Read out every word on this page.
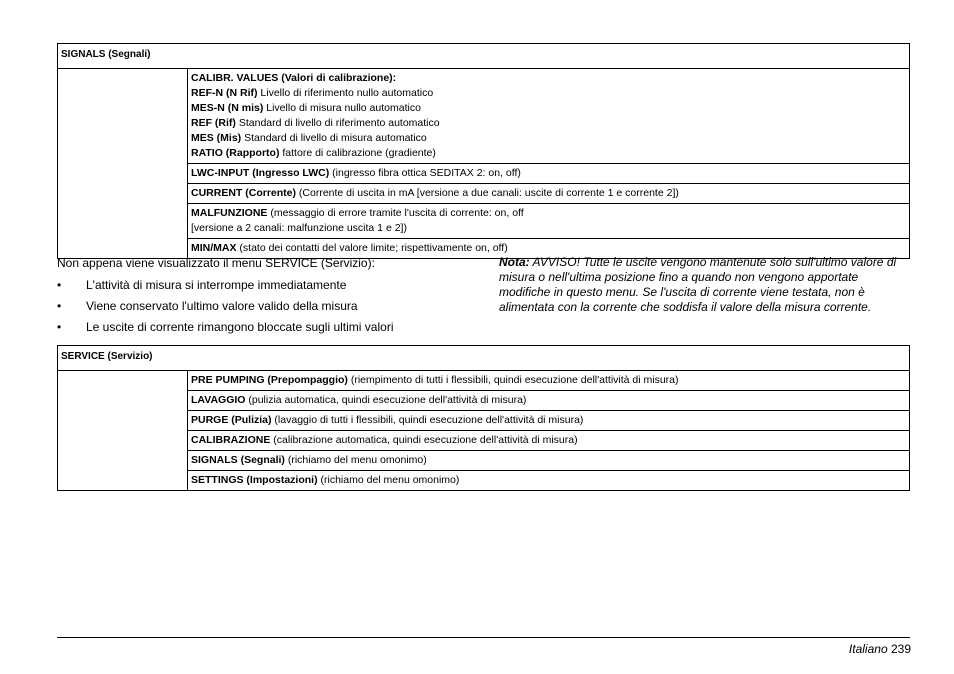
SIGNALS (Segnali)

CALIBR. VALUES (Valori di calibrazione):
REF-N (N Rif) Livello di riferimento nullo automatico
MES-N (N mis) Livello di misura nullo automatico
REF (Rif) Standard di livello di riferimento automatico
MES (Mis) Standard di livello di misura automatico
RATIO (Rapporto) fattore di calibrazione (gradiente)

LWC-INPUT (Ingresso LWC) (ingresso fibra ottica SEDITAX 2: on, off)
CURRENT (Corrente) (Corrente di uscita in mA [versione a due canali: uscite di corrente 1 e corrente 2])
MALFUNZIONE (messaggio di errore tramite l'uscita di corrente: on, off
[versione a 2 canali: malfunzione uscita 1 e 2])
MIN/MAX (stato dei contatti del valore limite; rispettivamente on, off)

Non appena viene visualizzato il menu SERVICE (Servizio):

• L'attività di misura si interrompe immediatamente
• Viene conservato l'ultimo valore valido della misura
• Le uscite di corrente rimangono bloccate sugli ultimi valori
Nota: AVVISO! Tutte le uscite vengono mantenute solo sull'ultimo valore di misura o nell'ultima posizione fino a quando non vengono apportate modifiche in questo menu. Se l'uscita di corrente viene testata, non è alimentata con la corrente che soddisfa il valore della misura corrente.
SERVICE (Servizio)
	PRE PUMPING (Prepompaggio) (riempimento di tutti i flessibili, quindi esecuzione dell'attività di misura)
LAVAGGIO (pulizia automatica, quindi esecuzione dell'attività di misura)
PURGE (Pulizia) (lavaggio di tutti i flessibili, quindi esecuzione dell'attività di misura)
CALIBRAZIONE (calibrazione automatica, quindi esecuzione dell'attività di misura)
SIGNALS (Segnali) (richiamo del menu omonimo)
SETTINGS (Impostazioni) (richiamo del menu omonimo)
Italiano 239
